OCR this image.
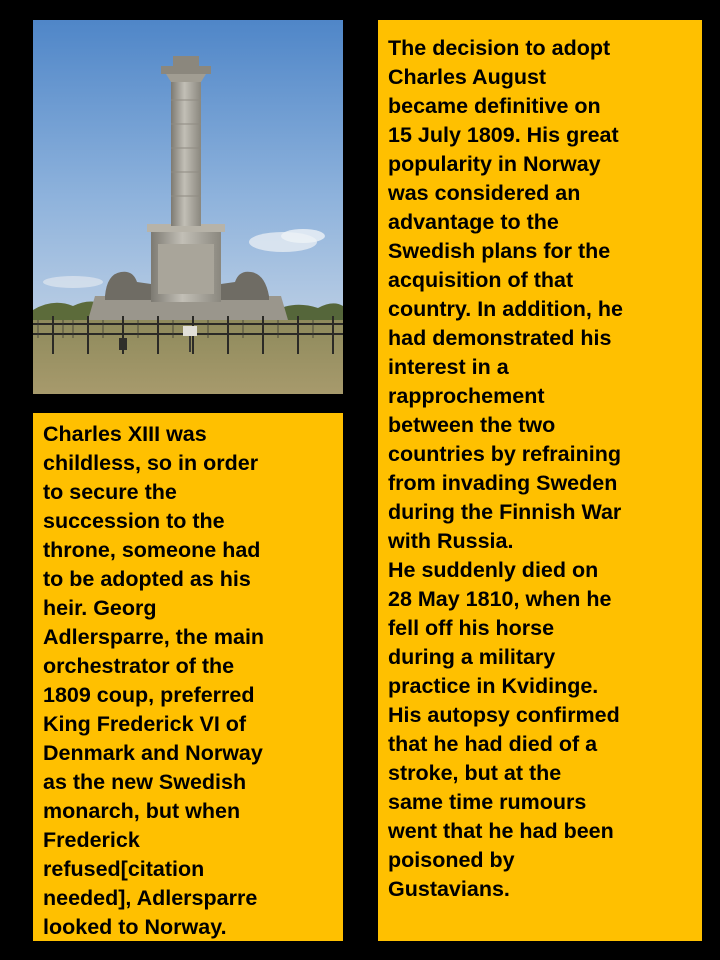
Charles XIII was
childless, so in order
to secure the
succession to the
throne, someone had
to be adopted as his
heir. Georg
Adlersparre, the main
orchestrator of the
1809 coup, preferred
King Frederick VI of
Denmark and Norway
as the new Swedish
monarch, but when
Frederick
refused[citation
needed], Adlersparre
looked to Norway.

The decision to adopt
Charles August
became definitive on
15 July 1809. His great
popularity in Norway
was considered an
advantage to the
Swedish plans for the
acquisition of that
country. In addition, he
had demonstrated his
interest in a
rapprochement
between the two
countries by refraining
from invading Sweden
during the Finnish War
with Russia.

He suddenly died on
28 May 1810, when he
fell off his horse
during a military
practice in Kvidinge.
His autopsy confirmed
that he had died of a
stroke, but at the
same time rumours
went that he had been
poisoned by
Gustavians.
